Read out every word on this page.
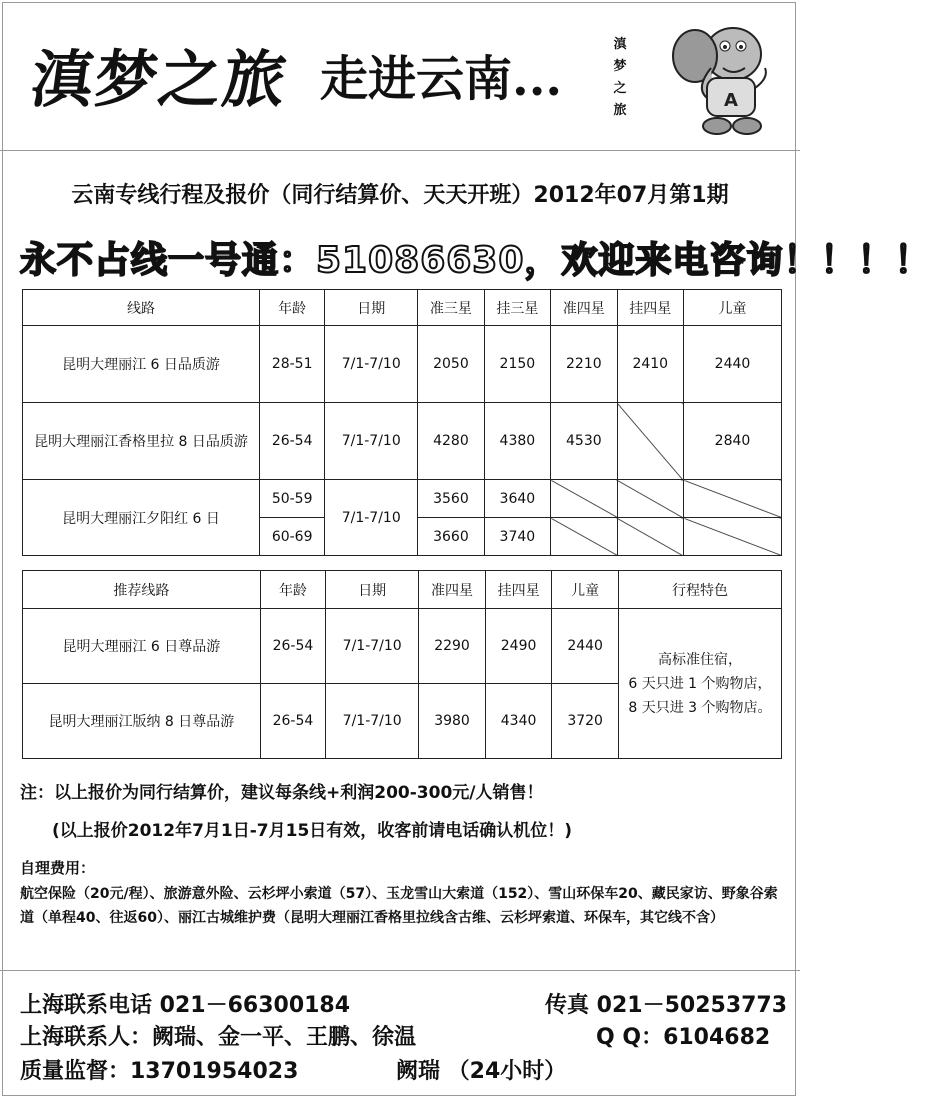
滇梦之旅 走进云南...
滇
梦
之
旅	A
云南专线行程及报价（同行结算价、天天开班）2012年07月第1期
永不占线一号通：51086630，欢迎来电咨询！！！！
线路	年龄	日期	准三星	挂三星	准四星	挂四星	儿童
昆明大理丽江 6 日品质游	28-51	7/1-7/10	2050	2150	2210	2410	2440
昆明大理丽江香格里拉 8 日品质游	26-54	7/1-7/10	4280	4380	4530		2840
昆明大理丽江夕阳红 6 日	50-59	7/1-7/10	3560	3640			
	60-69		3660	3740			
推荐线路	年龄	日期	准四星	挂四星	儿童	行程特色
昆明大理丽江 6 日尊品游	26-54	7/1-7/10	2290	2490	2440	高标准住宿，
6 天只进 1 个购物店，
8 天只进 3 个购物店。

昆明大理丽江版纳 8 日尊品游	26-54	7/1-7/10	3980	4340	3720	
注：以上报价为同行结算价，建议每条线+利润200-300元/人销售！
(以上报价2012年7月1日-7月15日有效，收客前请电话确认机位！)
自理费用：
航空保险（20元/程）、旅游意外险、云杉坪小索道（57）、玉龙雪山大索道（152）、雪山环保车20、藏民家访、野象谷索道（单程40、往返60）、丽江古城维护费（昆明大理丽江香格里拉线含古维、云杉坪索道、环保车，其它线不含）
上海联系电话 021－66300184	传真 021－50253773
上海联系人：阙瑞、金一平、王鹏、徐温	Q Q：6104682
质量监督：13701954023	阙瑞 （24小时）
